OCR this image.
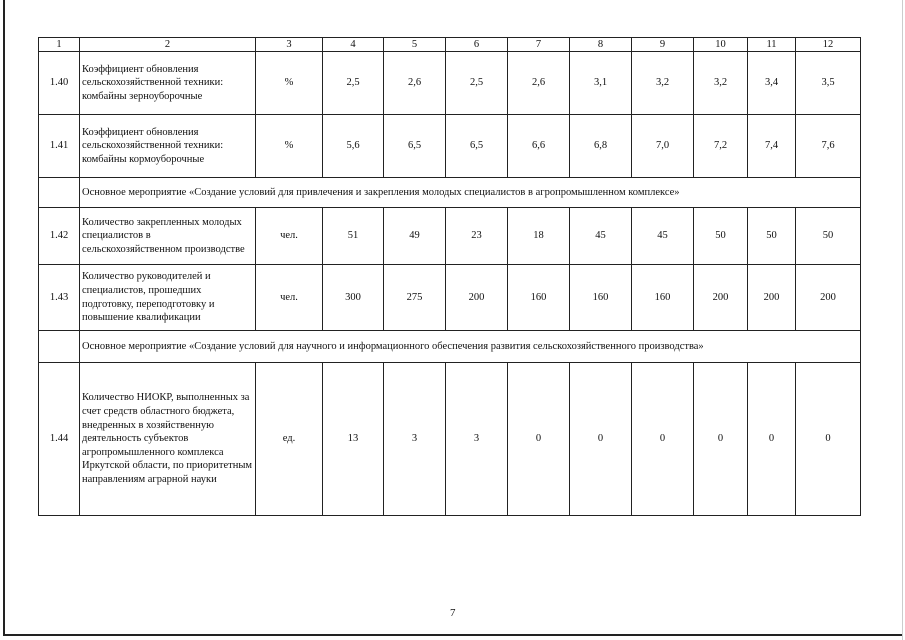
1	2	3	4	5	6	7	8	9	10	11	12
1.40	Коэффициент обновления сельскохозяйственной техники: комбайны зерноуборочные	%	2,5	2,6	2,5	2,6	3,1	3,2	3,2	3,4	3,5
1.41	Коэффициент обновления сельскохозяйственной техники: комбайны кормоуборочные	%	5,6	6,5	6,5	6,6	6,8	7,0	7,2	7,4	7,6
	Основное мероприятие «Создание условий для привлечения и закрепления молодых специалистов в агропромышленном комплексе»										
1.42	Количество закрепленных молодых специалистов в сельскохозяйственном производстве	чел.	51	49	23	18	45	45	50	50	50
1.43	Количество руководителей и специалистов, прошедших подготовку, переподготовку и повышение квалификации	чел.	300	275	200	160	160	160	200	200	200
	Основное мероприятие «Создание условий для научного и информационного обеспечения развития сельскохозяйственного производства»										
1.44	Количество НИОКР, выполненных за счет средств областного бюджета, внедренных в хозяйственную деятельность субъектов агропромышленного комплекса Иркутской области, по приоритетным направлениям аграрной науки	ед.	13	3	3	0	0	0	0	0	0
7
